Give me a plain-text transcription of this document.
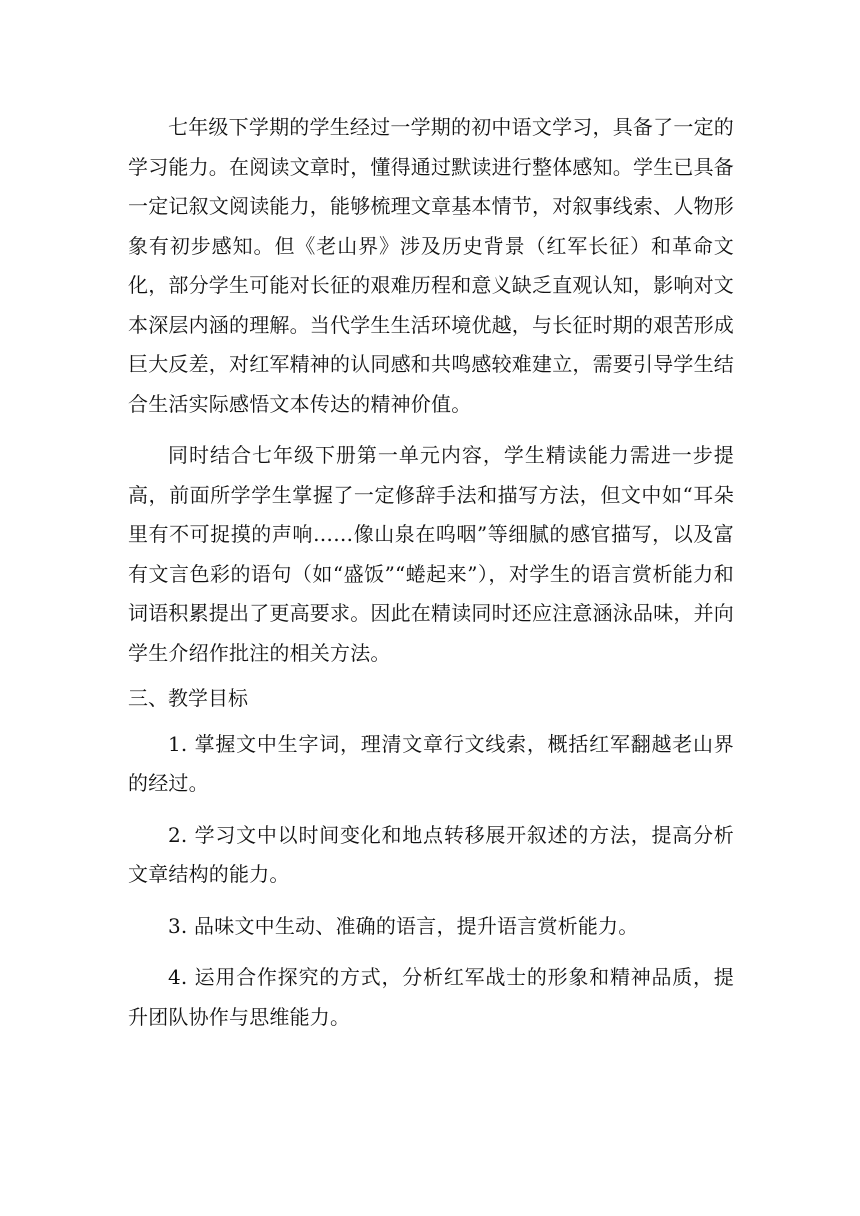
七年级下学期的学生经过一学期的初中语文学习，具备了一定的学习能力。在阅读文章时，懂得通过默读进行整体感知。学生已具备一定记叙文阅读能力，能够梳理文章基本情节，对叙事线索、人物形象有初步感知。但《老山界》涉及历史背景（红军长征）和革命文化，部分学生可能对长征的艰难历程和意义缺乏直观认知，影响对文本深层内涵的理解。当代学生生活环境优越，与长征时期的艰苦形成巨大反差，对红军精神的认同感和共鸣感较难建立，需要引导学生结合生活实际感悟文本传达的精神价值。

同时结合七年级下册第一单元内容，学生精读能力需进一步提高，前面所学学生掌握了一定修辞手法和描写方法，但文中如“耳朵里有不可捉摸的声响……像山泉在呜咽”等细腻的感官描写，以及富有文言色彩的语句（如“盛饭”“蜷起来”），对学生的语言赏析能力和词语积累提出了更高要求。因此在精读同时还应注意涵泳品味，并向学生介绍作批注的相关方法。

三、教学目标

1. 掌握文中生字词，理清文章行文线索，概括红军翻越老山界的经过。

2. 学习文中以时间变化和地点转移展开叙述的方法，提高分析文章结构的能力。

3. 品味文中生动、准确的语言，提升语言赏析能力。

4. 运用合作探究的方式，分析红军战士的形象和精神品质，提升团队协作与思维能力。
